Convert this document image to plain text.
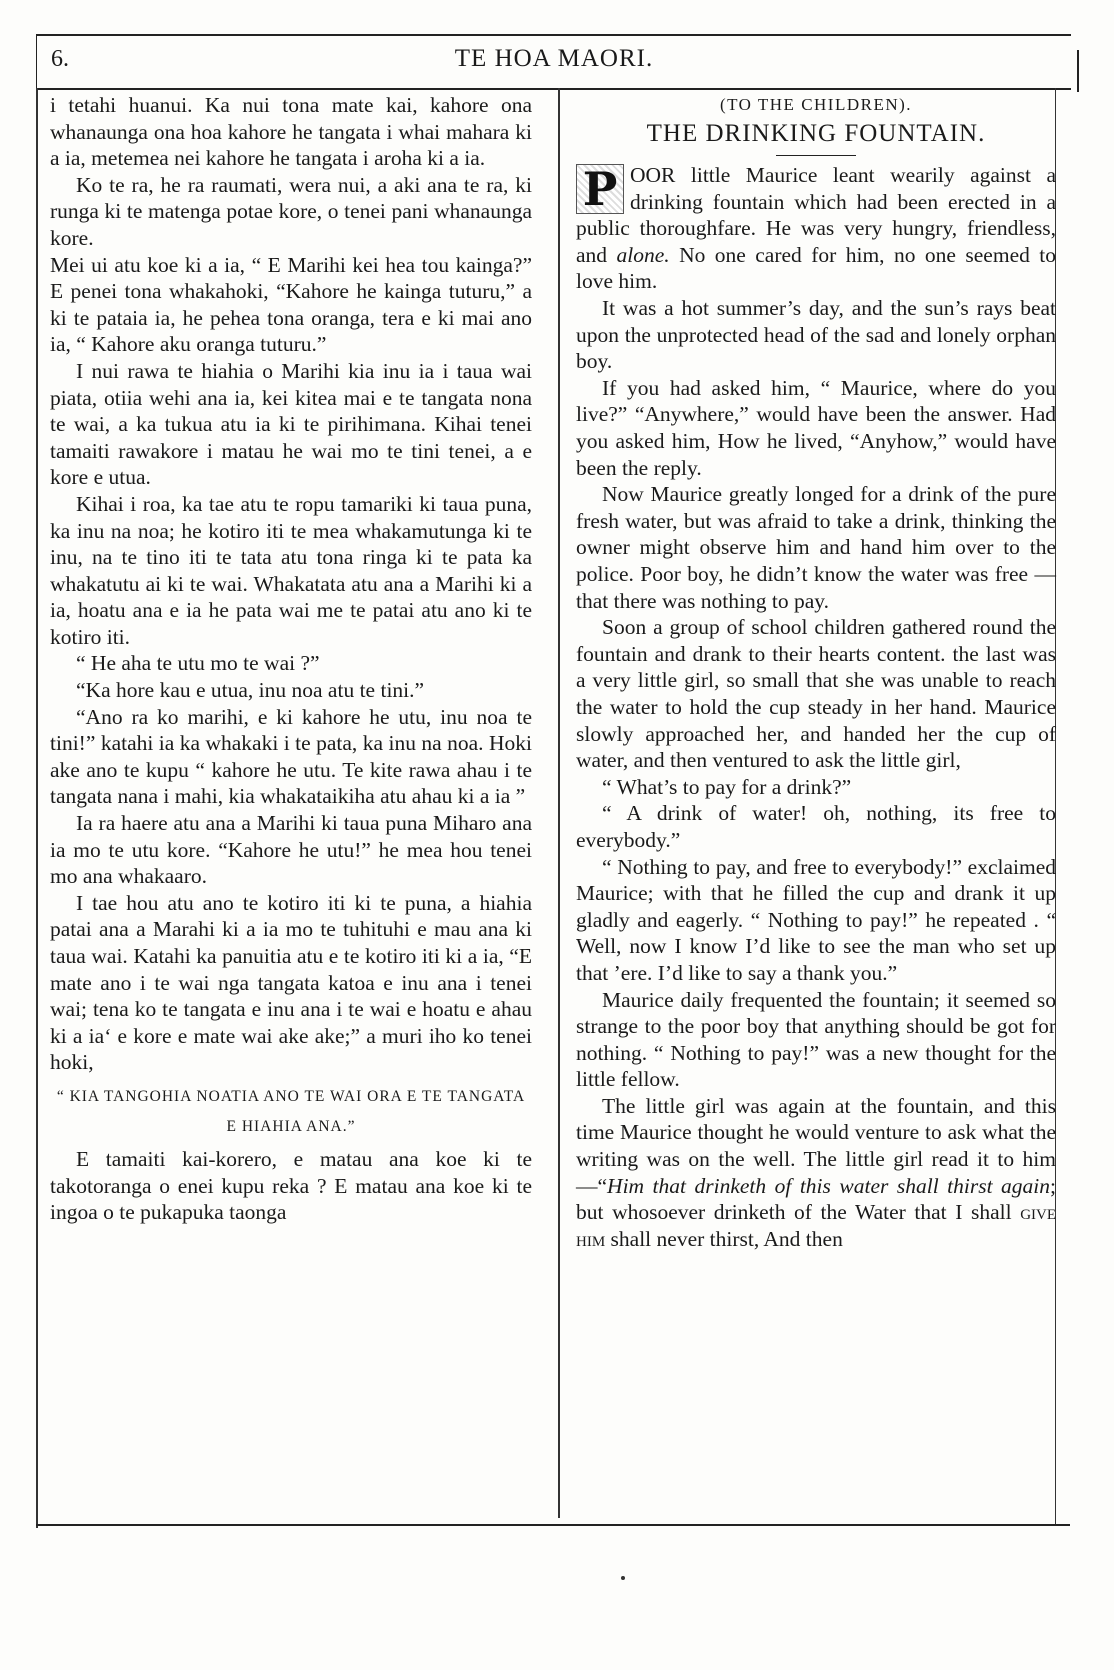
6.	TE HOA MAORI.

i tetahi huanui. Ka nui tona mate kai, kahore ona whanaunga ona hoa kahore he tangata i whai mahara ki a ia, metemea nei kahore he tangata i aroha ki a ia.

Ko te ra, he ra raumati, wera nui, a aki ana te ra, ki runga ki te matenga potae kore, o tenei pani whanaunga kore.

Mei ui atu koe ki a ia, “ E Marihi kei hea tou kainga?” E penei tona whakahoki, “Kahore he kainga tuturu,” a ki te pataia ia, he pehea tona oranga, tera e ki mai ano ia, “ Kahore aku oranga tuturu.”

I nui rawa te hiahia o Marihi kia inu ia i taua wai piata, otiia wehi ana ia, kei kitea mai e te tangata nona te wai, a ka tukua atu ia ki te pirihimana. Kihai tenei tamaiti rawakore i matau he wai mo te tini tenei, a e kore e utua.

Kihai i roa, ka tae atu te ropu tamariki ki taua puna, ka inu na noa; he kotiro iti te mea whakamutunga ki te inu, na te tino iti te tata atu tona ringa ki te pata ka whakatutu ai ki te wai. Whakatata atu ana a Marihi ki a ia, hoatu ana e ia he pata wai me te patai atu ano ki te kotiro iti.

“ He aha te utu mo te wai ?”

“Ka hore kau e utua, inu noa atu te tini.”

“Ano ra ko marihi, e ki kahore he utu, inu noa te tini!” katahi ia ka whakaki i te pata, ka inu na noa. Hoki ake ano te kupu “ kahore he utu. Te kite rawa ahau i te tangata nana i mahi, kia whakataikiha atu ahau ki a ia ”

Ia ra haere atu ana a Marihi ki taua puna Miharo ana ia mo te utu kore. “Kahore he utu!” he mea hou tenei mo ana whakaaro.

I tae hou atu ano te kotiro iti ki te puna, a hiahia patai ana a Marahi ki a ia mo te tuhituhi e mau ana ki taua wai. Katahi ka panuitia atu e te kotiro iti ki a ia, “E mate ano i te wai nga tangata katoa e inu ana i tenei wai; tena ko te tangata e inu ana i te wai e hoatu e ahau ki a ia‘ e kore e mate wai ake ake;” a muri iho ko tenei hoki,

“ KIA TANGOHIA NOATIA ANO TE WAI ORA E TE TANGATA E HIAHIA ANA.”

E tamaiti kai-korero, e matau ana koe ki te takotoranga o enei kupu reka ? E matau ana koe ki te ingoa o te pukapuka taonga

(TO THE CHILDREN).

THE DRINKING FOUNTAIN.

P OOR little Maurice leant wearily against a drinking fountain which had been erected in a public thoroughfare. He was very hungry, friendless, and alone. No one cared for him, no one seemed to love him.

It was a hot summer’s day, and the sun’s rays beat upon the unprotected head of the sad and lonely orphan boy.

If you had asked him, “ Maurice, where do you live?” “Anywhere,” would have been the answer. Had you asked him, How he lived, “Anyhow,” would have been the reply.

Now Maurice greatly longed for a drink of the pure fresh water, but was afraid to take a drink, thinking the owner might observe him and hand him over to the police. Poor boy, he didn’t know the water was free —that there was nothing to pay.

Soon a group of school children gathered round the fountain and drank to their hearts content. the last was a very little girl, so small that she was unable to reach the water to hold the cup steady in her hand. Maurice slowly approached her, and handed her the cup of water, and then ventured to ask the little girl,

“ What’s to pay for a drink?”

“ A drink of water! oh, nothing, its free to everybody.”

“ Nothing to pay, and free to everybody!” exclaimed Maurice; with that he filled the cup and drank it up gladly and eagerly. “ Nothing to pay!” he repeated . “ Well, now I know I’d like to see the man who set up that ’ere. I’d like to say a thank you.”

Maurice daily frequented the fountain; it seemed so strange to the poor boy that anything should be got for nothing. “ Nothing to pay!” was a new thought for the little fellow.

The little girl was again at the fountain, and this time Maurice thought he would venture to ask what the writing was on the well. The little girl read it to him—“Him that drinketh of this water shall thirst again; but whosoever drinketh of the Water that I shall give him shall never thirst, And then
